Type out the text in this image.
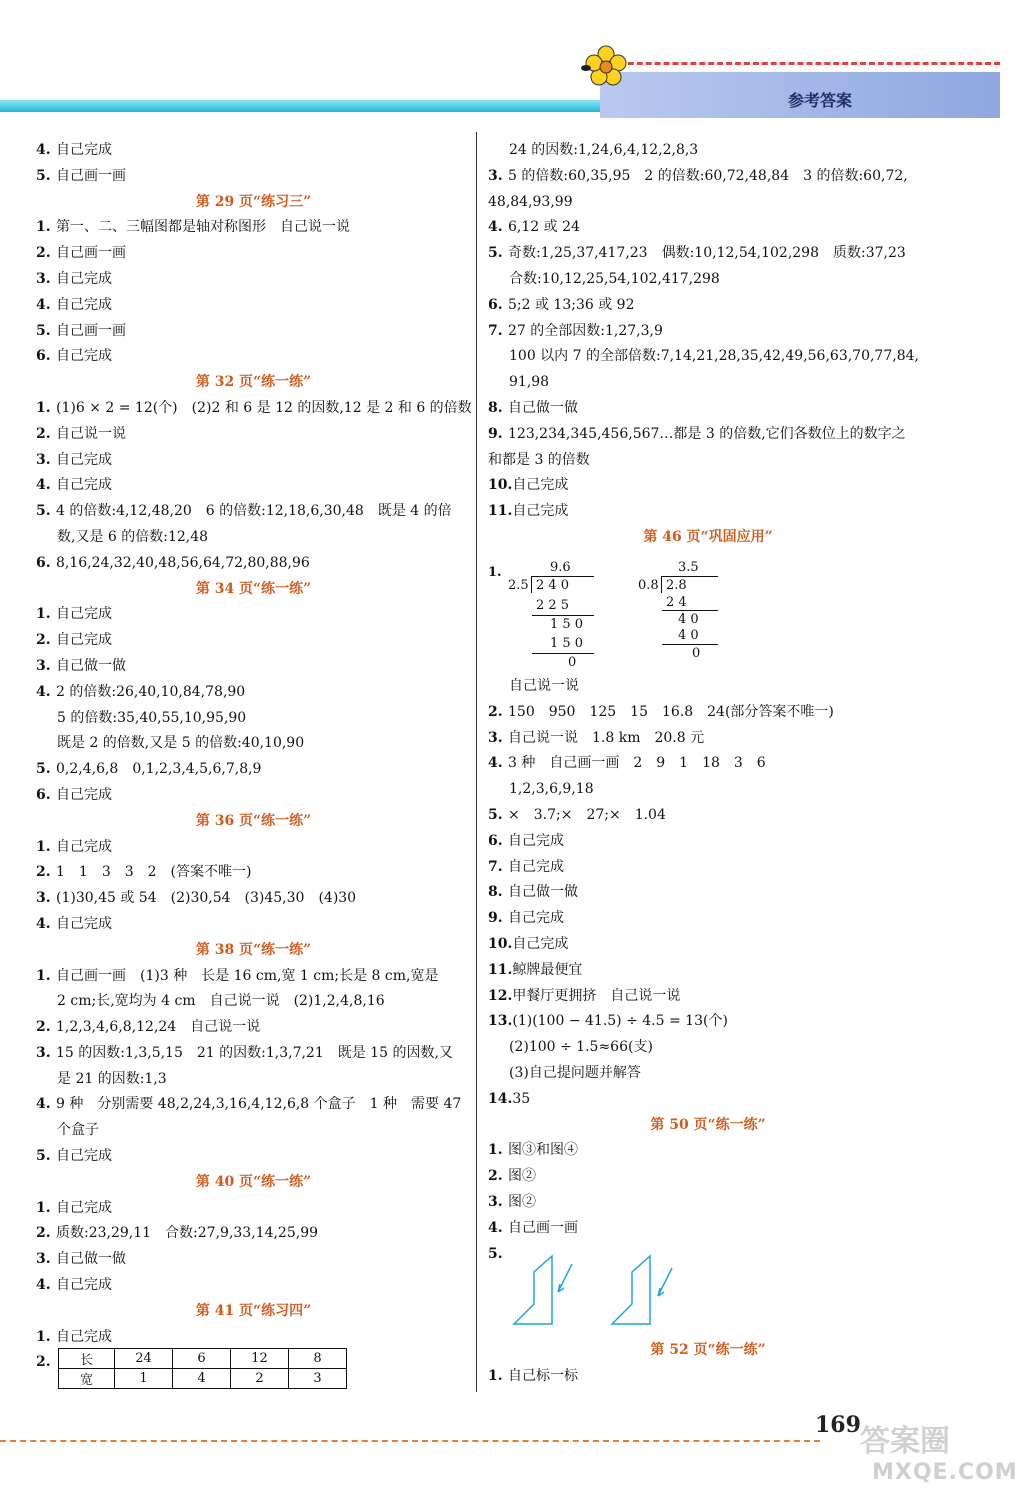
参考答案
4. 自己完成
5. 自己画一画
第 29 页“练习三”
1. 第一、二、三幅图都是轴对称图形　自己说一说
2. 自己画一画
3. 自己完成
4. 自己完成
5. 自己画一画
6. 自己完成
第 32 页“练一练”
1. (1)6 × 2 = 12(个)　(2)2 和 6 是 12 的因数,12 是 2 和 6 的倍数
2. 自己说一说
3. 自己完成
4. 自己完成
5. 4 的倍数:4,12,48,20　6 的倍数:12,18,6,30,48　既是 4 的倍
数,又是 6 的倍数:12,48
6. 8,16,24,32,40,48,56,64,72,80,88,96
第 34 页“练一练”
1. 自己完成
2. 自己完成
3. 自己做一做
4. 2 的倍数:26,40,10,84,78,90
5 的倍数:35,40,55,10,95,90
既是 2 的倍数,又是 5 的倍数:40,10,90
5. 0,2,4,6,8　0,1,2,3,4,5,6,7,8,9
6. 自己完成
第 36 页“练一练”
1. 自己完成
2. 1　1　3　3　2　(答案不唯一)
3. (1)30,45 或 54　(2)30,54　(3)45,30　(4)30
4. 自己完成
第 38 页“练一练”
1. 自己画一画　(1)3 种　长是 16 cm,宽 1 cm;长是 8 cm,宽是
2 cm;长,宽均为 4 cm　自己说一说　(2)1,2,4,8,16
2. 1,2,3,4,6,8,12,24　自己说一说
3. 15 的因数:1,3,5,15　21 的因数:1,3,7,21　既是 15 的因数,又
是 21 的因数:1,3
4. 9 种　分别需要 48,2,24,3,16,4,12,6,8 个盒子　1 种　需要 47
个盒子
5. 自己完成
第 40 页“练一练”
1. 自己完成
2. 质数:23,29,11　合数:27,9,33,14,25,99
3. 自己做一做
4. 自己完成
第 41 页“练习四”
1. 自己完成
2.
24 的因数:1,24,6,4,12,2,8,3
3. 5 的倍数:60,35,95　2 的倍数:60,72,48,84　3 的倍数:60,72,
48,84,93,99
4. 6,12 或 24
5. 奇数:1,25,37,417,23　偶数:10,12,54,102,298　质数:37,23
合数:10,12,25,54,102,417,298
6. 5;2 或 13;36 或 92
7. 27 的全部因数:1,27,3,9
100 以内 7 的全部倍数:7,14,21,28,35,42,49,56,63,70,77,84,
91,98
8. 自己做一做
9. 123,234,345,456,567…都是 3 的倍数,它们各数位上的数字之
和都是 3 的倍数
10.自己完成
11.自己完成
第 46 页“巩固应用”
1.	9.6
2.5 2 4 0
2 2 5
1 5 0
1 5 0
0
3.5
0.8 2.8
2 4
4 0
4 0
0
自己说一说
2. 150　950　125　15　16.8　24(部分答案不唯一)
3. 自己说一说　1.8 km　20.8 元
4. 3 种　自己画一画　2　9　1　18　3　6
1,2,3,6,9,18
5. ×　3.7;×　27;×　1.04
6. 自己完成
7. 自己完成
8. 自己做一做
9. 自己完成
10.自己完成
11.鲸牌最便宜
12.甲餐厅更拥挤　自己说一说
13.(1)(100 − 41.5) ÷ 4.5 = 13(个)
(2)100 ÷ 1.5≈66(支)
(3)自己提问题并解答
14.35
第 50 页“练一练”
1. 图③和图④
2. 图②
3. 图②
4. 自己画一画
5.
第 52 页“练一练”
1. 自己标一标
长	24	6	12	8
宽	1	4	2	3
169 答案圈
MXQE.COM
